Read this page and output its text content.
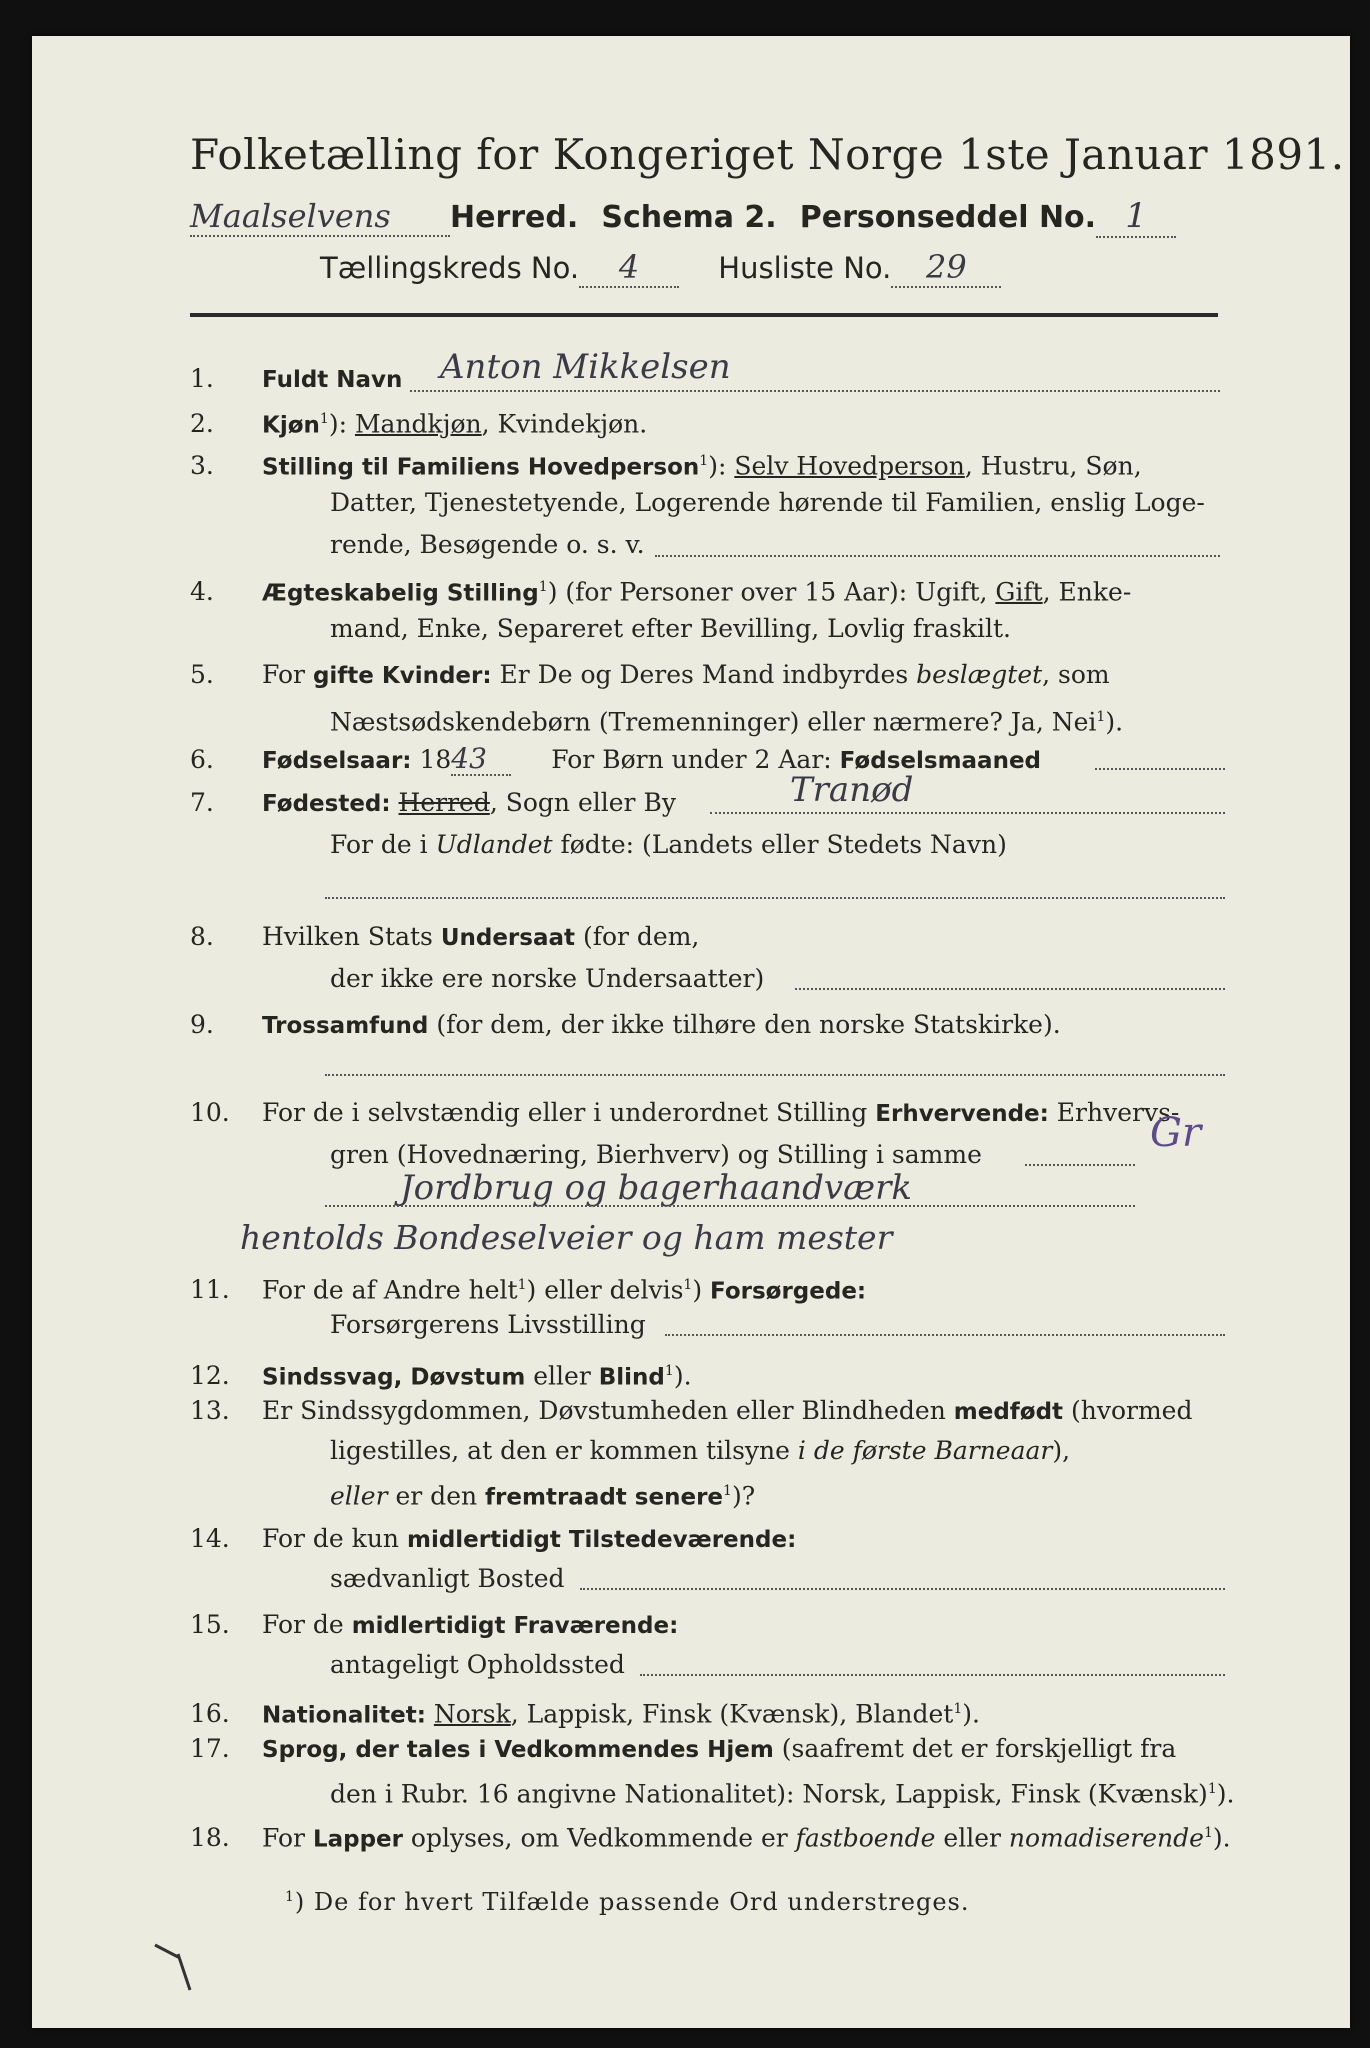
Folketælling for Kongeriget Norge 1ste Januar 1891.
Maalselvens Herred. Schema 2. Personseddel No. 1
Tællingskreds No. 4	Husliste No. 29
1. Fuldt Navn Anton Mikkelsen
2. Kjøn$^1$): Mandkjøn, Kvindekjøn.
3. Stilling til Familiens Hovedperson$^1$): Selv Hovedperson, Hustru, Søn,
Datter, Tjenestetyende, Logerende hørende til Familien, enslig Loge-
rende, Besøgende o. s. v.
4. Ægteskabelig Stilling$^1$) (for Personer over 15 Aar): Ugift, Gift, Enke-
mand, Enke, Separeret efter Bevilling, Lovlig fraskilt.
5. For gifte Kvinder: Er De og Deres Mand indbyrdes beslægtet, som
Næstsødskendebørn (Tremenninger) eller nærmere? Ja, Nei$^1$).
6. Fødselsaar: 1843	For Børn under 2 Aar: Fødselsmaaned
7. Fødested: Herred, Sogn eller By	Tranød
For de i Udlandet fødte: (Landets eller Stedets Navn)
8. Hvilken Stats Undersaat (for dem,
der ikke ere norske Undersaatter)
9. Trossamfund (for dem, der ikke tilhøre den norske Statskirke).
10. For de i selvstændig eller i underordnet Stilling Erhvervende: Erhvervs-
gren (Hovednæring, Bierhverv) og Stilling i samme	Gr
Jordbrug og bagerhaandværk
hentolds Bondeselveier og ham mester
11. For de af Andre helt$^1$) eller delvis$^1$) Forsørgede:
Forsørgerens Livsstilling
12. Sindssvag, Døvstum eller Blind$^1$).
13. Er Sindssygdommen, Døvstumheden eller Blindheden medfødt (hvormed
ligestilles, at den er kommen tilsyne i de første Barneaar),
eller er den fremtraadt senere$^1$)?
14. For de kun midlertidigt Tilstedeværende:
sædvanligt Bosted
15. For de midlertidigt Fraværende:
antageligt Opholdssted
16. Nationalitet: Norsk, Lappisk, Finsk (Kvænsk), Blandet$^1$).
17. Sprog, der tales i Vedkommendes Hjem (saafremt det er forskjelligt fra
den i Rubr. 16 angivne Nationalitet): Norsk, Lappisk, Finsk (Kvænsk)$^1$).
18. For Lapper oplyses, om Vedkommende er fastboende eller nomadiserende$^1$).
$^1$) De for hvert Tilfælde passende Ord understreges.
